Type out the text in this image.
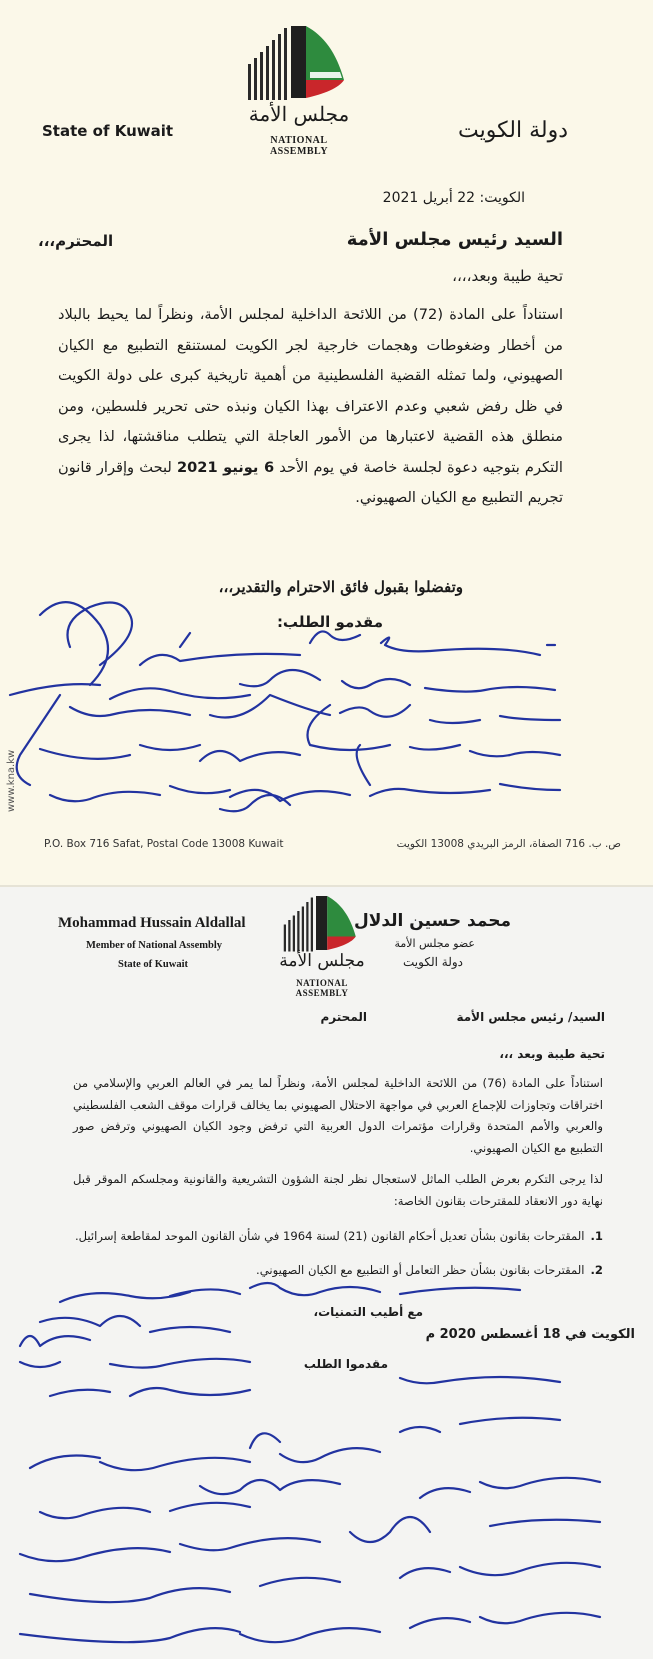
State of Kuwait	دولة الكويت
مجلس الأمة
NATIONAL ASSEMBLY
الكويت: 22 أبريل 2021
السيد رئيس مجلس الأمة
المحترم،،،
تحية طيبة وبعد،،،،
استناداً على المادة (72) من اللائحة الداخلية لمجلس الأمة، ونظراً لما يحيط بالبلاد من أخطار وضغوطات وهجمات خارجية لجر الكويت لمستنقع التطبيع مع الكيان الصهيوني، ولما تمثله القضية الفلسطينية من أهمية تاريخية كبرى على دولة الكويت في ظل رفض شعبي وعدم الاعتراف بهذا الكيان ونبذه حتى تحرير فلسطين، ومن منطلق هذه القضية لاعتبارها من الأمور العاجلة التي يتطلب مناقشتها، لذا يجرى التكرم بتوجيه دعوة لجلسة خاصة في يوم الأحد 6 يونيو 2021 لبحث وإقرار قانون تجريم التطبيع مع الكيان الصهيوني.
وتفضلوا بقبول فائق الاحترام والتقدير،،،
مقدمو الطلب:
www.kna.kw
P.O. Box 716 Safat, Postal Code 13008 Kuwait	ص. ب. 716 الصفاة، الرمز البريدي 13008 الكويت
Mohammad Hussain Aldallal
Member of National Assembly
State of Kuwait	مجلس الأمة
NATIONAL ASSEMBLY
محمد حسين الدلال
عضو مجلس الأمة
دولة الكويت
السيد/ رئيس مجلس الأمة
المحترم
تحية طيبة وبعد ،،،
استناداً على المادة (76) من اللائحة الداخلية لمجلس الأمة، ونظراً لما يمر في العالم العربي والإسلامي من اختراقات وتجاوزات للإجماع العربي في مواجهة الاحتلال الصهيوني بما يخالف قرارات موقف الشعب الفلسطيني والعربي والأمم المتحدة وقرارات مؤتمرات الدول العربية التي ترفض وجود الكيان الصهيوني وترفض صور التطبيع مع الكيان الصهيوني.
لذا يرجى التكرم بعرض الطلب الماثل لاستعجال نظر لجنة الشؤون التشريعية والقانونية ومجلسكم الموقر قبل نهاية دور الانعقاد للمقترحات بقانون الخاصة:
1.
المقترحات بقانون بشأن تعديل أحكام القانون (21) لسنة 1964 في شأن القانون الموحد لمقاطعة إسرائيل.
2.
المقترحات بقانون بشأن حظر التعامل أو التطبيع مع الكيان الصهيوني.
مع أطيب التمنيات،
الكويت في 18 أغسطس 2020 م
مقدموا الطلب
